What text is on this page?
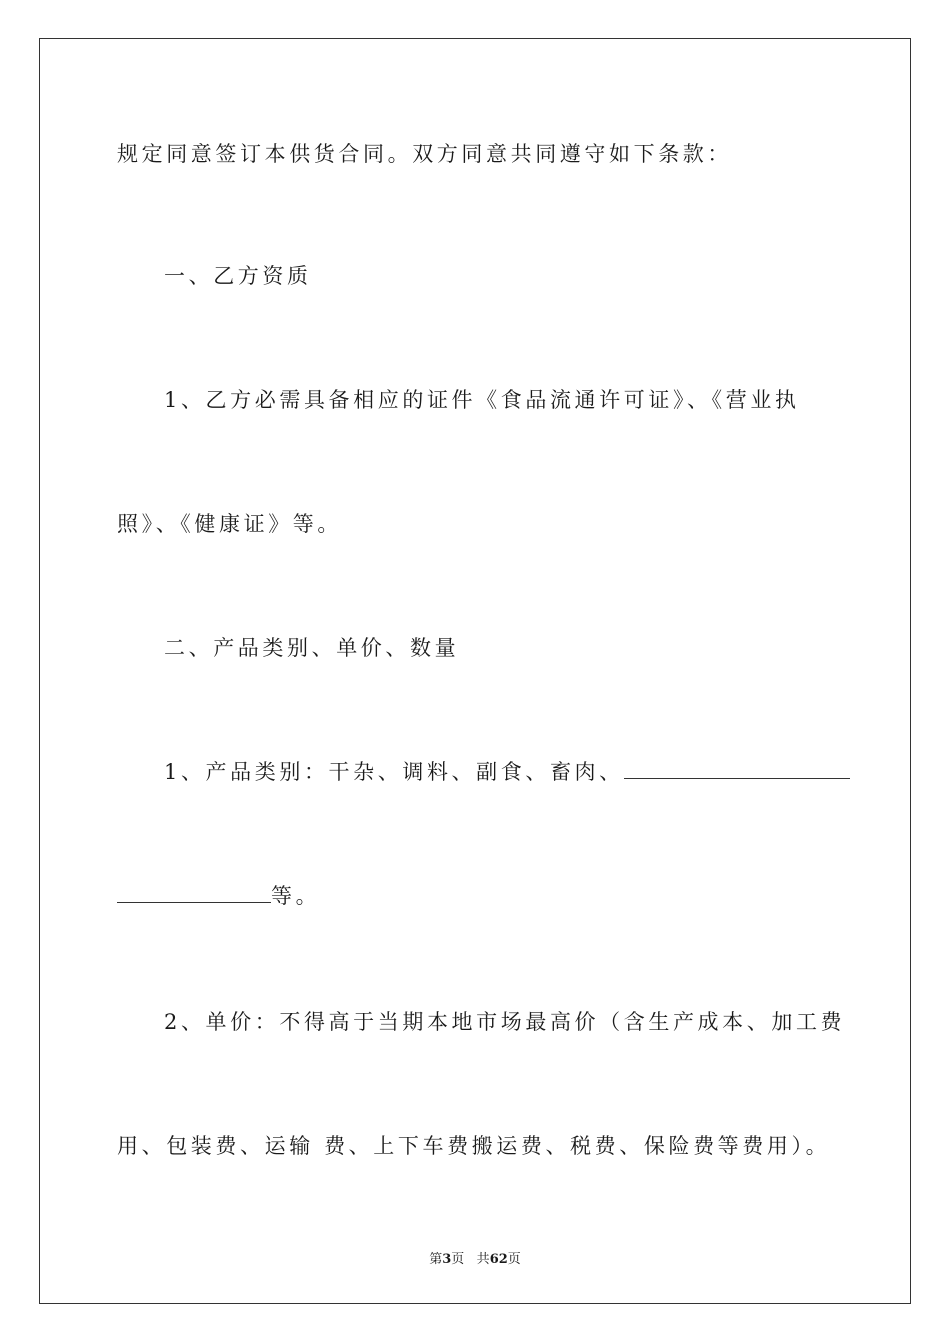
规定同意签订本供货合同。双方同意共同遵守如下条款：
一、乙方资质
1、乙方必需具备相应的证件《食品流通许可证》、《营业执
照》、《健康证》等。
二、产品类别、单价、数量
1、产品类别：干杂、调料、副食、畜肉、
等。
2、单价：不得高于当期本地市场最高价（含生产成本、加工费
用、包装费、运输 费、上下车费搬运费、税费、保险费等费用）。
第3页 共62页
